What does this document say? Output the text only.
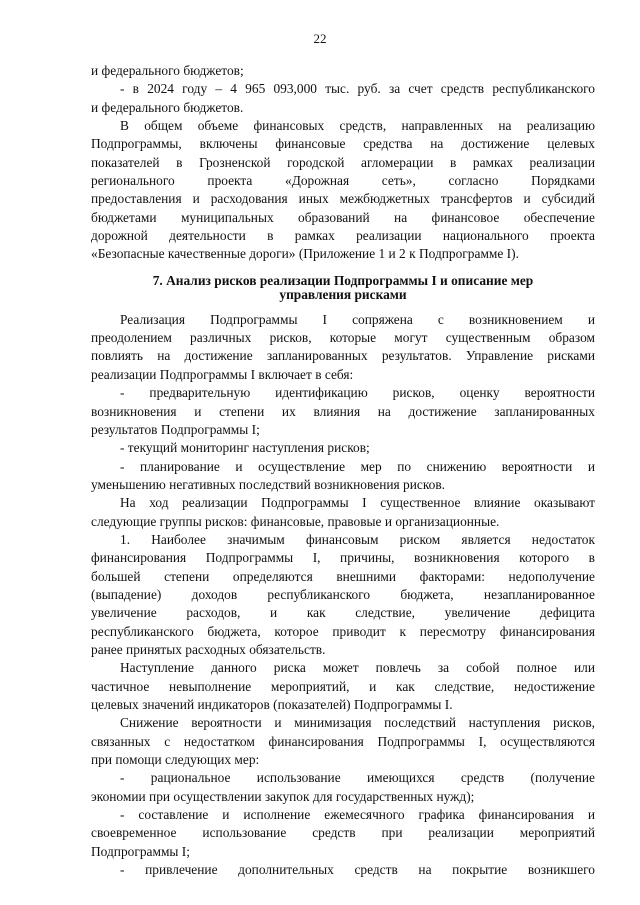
22
и федерального бюджетов;
- в 2024 году – 4 965 093,000 тыс. руб. за счет средств республиканского
и федерального бюджетов.
В общем объеме финансовых средств, направленных на реализацию
Подпрограммы, включены финансовые средства на достижение целевых
показателей в Грозненской городской агломерации в рамках реализации
регионального проекта «Дорожная сеть», согласно Порядками
предоставления и расходования иных межбюджетных трансфертов и субсидий
бюджетами муниципальных образований на финансовое обеспечение
дорожной деятельности в рамках реализации национального проекта
«Безопасные качественные дороги» (Приложение 1 и 2 к Подпрограмме I).
7. Анализ рисков реализации Подпрограммы I и описание мер
управления рисками
Реализация Подпрограммы I сопряжена с возникновением и
преодолением различных рисков, которые могут существенным образом
повлиять на достижение запланированных результатов. Управление рисками
реализации Подпрограммы I включает в себя:
- предварительную идентификацию рисков, оценку вероятности
возникновения и степени их влияния на достижение запланированных
результатов Подпрограммы I;
- текущий мониторинг наступления рисков;
- планирование и осуществление мер по снижению вероятности и
уменьшению негативных последствий возникновения рисков.
На ход реализации Подпрограммы I существенное влияние оказывают
следующие группы рисков: финансовые, правовые и организационные.
1. Наиболее значимым финансовым риском является недостаток
финансирования Подпрограммы I, причины, возникновения которого в
большей степени определяются внешними факторами: недополучение
(выпадение) доходов республиканского бюджета, незапланированное
увеличение расходов, и как следствие, увеличение дефицита
республиканского бюджета, которое приводит к пересмотру финансирования
ранее принятых расходных обязательств.
Наступление данного риска может повлечь за собой полное или
частичное невыполнение мероприятий, и как следствие, недостижение
целевых значений индикаторов (показателей) Подпрограммы I.
Снижение вероятности и минимизация последствий наступления рисков,
связанных с недостатком финансирования Подпрограммы I, осуществляются
при помощи следующих мер:
- рациональное использование имеющихся средств (получение
экономии при осуществлении закупок для государственных нужд);
- составление и исполнение ежемесячного графика финансирования и
своевременное использование средств при реализации мероприятий
Подпрограммы I;
- привлечение дополнительных средств на покрытие возникшего
